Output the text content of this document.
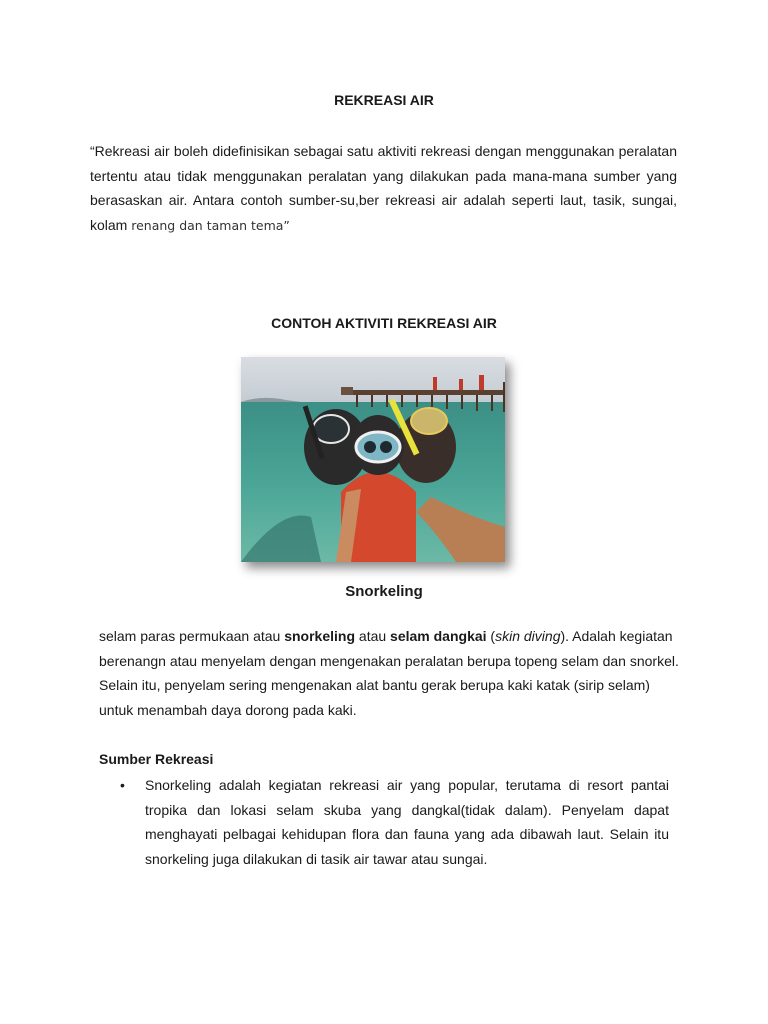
REKREASI AIR

“Rekreasi air boleh didefinisikan sebagai satu aktiviti rekreasi dengan menggunakan peralatan tertentu atau tidak menggunakan peralatan yang dilakukan pada mana-mana sumber yang berasaskan air. Antara contoh sumber-su,ber rekreasi air adalah seperti laut, tasik, sungai, kolam renang dan taman tema”

CONTOH AKTIVITI REKREASI AIR
Snorkeling

selam paras permukaan atau snorkeling atau selam dangkai (skin diving). Adalah kegiatan berenangn atau menyelam dengan mengenakan peralatan berupa topeng selam dan snorkel. Selain itu, penyelam sering mengenakan alat bantu gerak berupa kaki katak (sirip selam) untuk menambah daya dorong pada kaki.

Sumber Rekreasi
• Snorkeling adalah kegiatan rekreasi air yang popular, terutama di resort pantai tropika dan lokasi selam skuba yang dangkal(tidak dalam). Penyelam dapat menghayati pelbagai kehidupan flora dan fauna yang ada dibawah laut. Selain itu snorkeling juga dilakukan di tasik air tawar atau sungai.
